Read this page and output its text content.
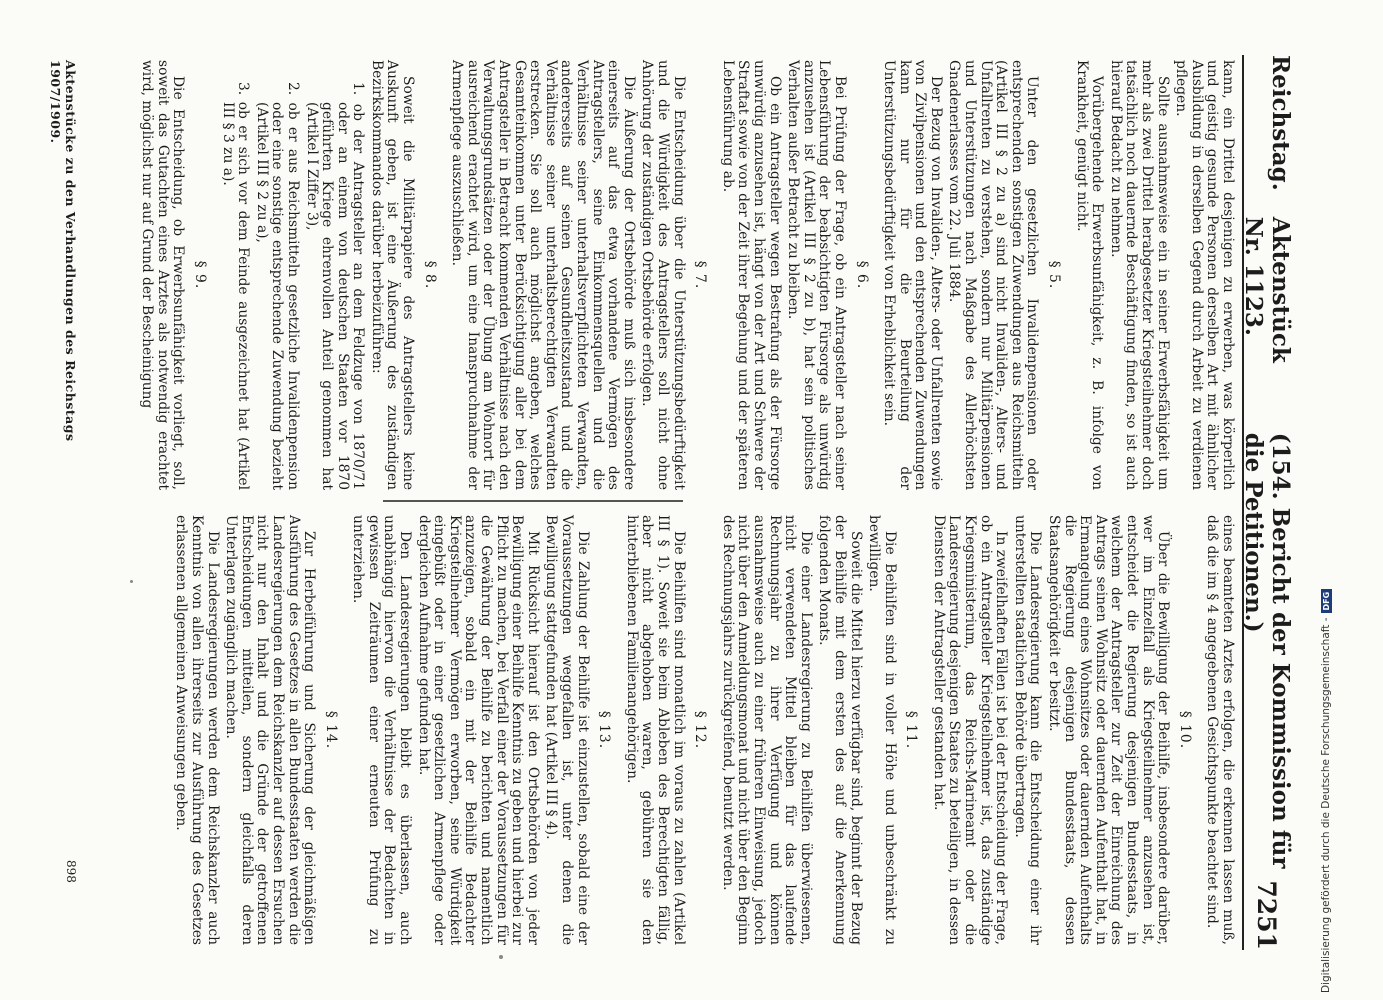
Reichstag.
Aktenstück Nr. 1123.
(154. Bericht der Kommission für die Petitionen.)
7251

kann, ein Drittel desjenigen zu erwerben, was körperlich und geistig gesunde Personen derselben Art mit ähnlicher Ausbildung in derselben Gegend durch Arbeit zu verdienen pflegen.

Sollte ausnahmsweise ein in seiner Erwerbsfähigkeit um mehr als zwei Drittel herabgesetzter Kriegsteilnehmer doch tatsächlich noch dauernde Beschäftigung finden, so ist auch hierauf Bedacht zu nehmen.

Vorübergehende Erwerbsunfähigkeit, z. B. infolge von Krankheit, genügt nicht.

§ 5.

Unter den gesetzlichen Invalidenpensionen oder entsprechenden sonstigen Zuwendungen aus Reichsmitteln (Artikel III § 2 zu a) sind nicht Invaliden-, Alters- und Unfallrenten zu verstehen, sondern nur Militärpensionen und Unterstützungen nach Maßgabe des Allerhöchsten Gnadenerlasses vom 22. Juli 1884.

Der Bezug von Invaliden-, Alters- oder Unfallrenten sowie von Zivilpensionen und den entsprechenden Zuwendungen kann nur für die Beurteilung der Unterstützungsbedürftigkeit von Erheblichkeit sein.

§ 6.

Bei Prüfung der Frage, ob ein Antragsteller nach seiner Lebensführung der beabsichtigten Fürsorge als unwürdig anzusehen ist (Artikel III § 2 zu b), hat sein politisches Verhalten außer Betracht zu bleiben.

Ob ein Antragsteller wegen Bestrafung als der Fürsorge unwürdig anzusehen ist, hängt von der Art und Schwere der Straftat sowie von der Zeit ihrer Begehung und der späteren Lebensführung ab.

§ 7.

Die Entscheidung über die Unterstützungsbedürftigkeit und die Würdigkeit des Antragstellers soll nicht ohne Anhörung der zuständigen Ortsbehörde erfolgen.

Die Äußerung der Ortsbehörde muß sich insbesondere einerseits auf das etwa vorhandene Vermögen des Antragstellers, seine Einkommensquellen und die Verhältnisse seiner unterhaltsverpflichteten Verwandten, andererseits auf seinen Gesundheitszustand und die Verhältnisse seiner unterhaltsberechtigten Verwandten erstrecken. Sie soll auch möglichst angeben, welches Gesamteinkommen unter Berücksichtigung aller bei dem Antragsteller in Betracht kommenden Verhältnisse nach den Verwaltungsgrundsätzen oder der Übung am Wohnort für ausreichend erachtet wird, um eine Inanspruchnahme der Armenpflege auszuschließen.

§ 8.

Soweit die Militärpapiere des Antragstellers keine Auskunft geben, ist eine Äußerung des zuständigen Bezirkskommandos darüber herbeizuführen:

1. ob der Antragsteller an dem Feldzuge von 1870/71 oder an einem von deutschen Staaten vor 1870 geführten Kriege ehrenvollen Anteil genommen hat (Artikel I Ziffer 3),

2. ob er aus Reichsmitteln gesetzliche Invalidenpension oder eine sonstige entsprechende Zuwendung bezieht (Artikel III § 2 zu a),

3. ob er sich vor dem Feinde ausgezeichnet hat (Artikel III § 3 zu a).

§ 9.

Die Entscheidung, ob Erwerbsunfähigkeit vorliegt, soll, soweit das Gutachten eines Arztes als notwendig erachtet wird, möglichst nur auf Grund der Bescheinigung

eines beamteten Arztes erfolgen, die erkennen lassen muß, daß die im § 4 angegebenen Gesichtspunkte beachtet sind.

§ 10.

Über die Bewilligung der Beihilfe, insbesondere darüber, wer im Einzelfall als Kriegsteilnehmer anzusehen ist, entscheidet die Regierung desjenigen Bundesstaats, in welchem der Antragsteller zur Zeit der Einreichung des Antrags seinen Wohnsitz oder dauernden Aufenthalt hat, in Ermangelung eines Wohnsitzes oder dauernden Aufenthalts die Regierung desjenigen Bundesstaats, dessen Staatsangehörigkeit er besitzt.

Die Landesregierung kann die Entscheidung einer ihr unterstellten staatlichen Behörde übertragen.

In zweifelhaften Fällen ist bei der Entscheidung der Frage, ob ein Antragsteller Kriegsteilnehmer ist, das zuständige Kriegsministerium, das Reichs-Marineamt oder die Landesregierung desjenigen Staates zu beteiligen, in dessen Diensten der Antragsteller gestanden hat.

§ 11.

Die Beihilfen sind in voller Höhe und unbeschränkt zu bewilligen.

Soweit die Mittel hierzu verfügbar sind, beginnt der Bezug der Beihilfe mit dem ersten des auf die Anerkennung folgenden Monats.

Die einer Landesregierung zu Beihilfen überwiesenen, nicht verwendeten Mittel bleiben für das laufende Rechnungsjahr zu ihrer Verfügung und können ausnahmsweise auch zu einer früheren Einweisung, jedoch nicht über den Anmeldungsmonat und nicht über den Beginn des Rechnungsjahrs zurückgreifend, benutzt werden.

§ 12.

Die Beihilfen sind monatlich im voraus zu zahlen (Artikel III § 1). Soweit sie beim Ableben des Berechtigten fällig, aber nicht abgehoben waren, gebühren sie den hinterbliebenen Familienangehörigen.

§ 13.

Die Zahlung der Beihilfe ist einzustellen, sobald eine der Voraussetzungen weggefallen ist, unter denen die Bewilligung stattgefunden hat (Artikel III § 4).

Mit Rücksicht hierauf ist den Ortsbehörden von jeder Bewilligung einer Beihilfe Kenntnis zu geben und hierbei zur Pflicht zu machen, bei Verfall einer der Voraussetzungen für die Gewährung der Beihilfe zu berichten und namentlich anzuzeigen, sobald ein mit der Beihilfe Bedachter Kriegsteilnehmer Vermögen erworben, seine Würdigkeit eingebüßt oder in einer gesetzlichen Armenpflege oder dergleichen Aufnahme gefunden hat.

Den Landesregierungen bleibt es überlassen, auch unabhängig hiervon die Verhältnisse der Bedachten in gewissen Zeiträumen einer erneuten Prüfung zu unterziehen.

§ 14.

Zur Herbeiführung und Sicherung der gleichmäßigen Ausführung des Gesetzes in allen Bundesstaaten werden die Landesregierungen dem Reichskanzler auf dessen Ersuchen nicht nur den Inhalt und die Gründe der getroffenen Entscheidungen mitteilen, sondern gleichfalls deren Unterlagen zugänglich machen.

Die Landesregierungen werden dem Reichskanzler auch Kenntnis von allen ihrerseits zur Ausführung des Gesetzes erlassenen allgemeinen Anweisungen geben.

Aktenstücke zu den Verhandlungen des Reichstags 1907/1909.
898	Digitalisierung gefördert durch die Deutsche Forschungsgemeinschaft -
DFG
